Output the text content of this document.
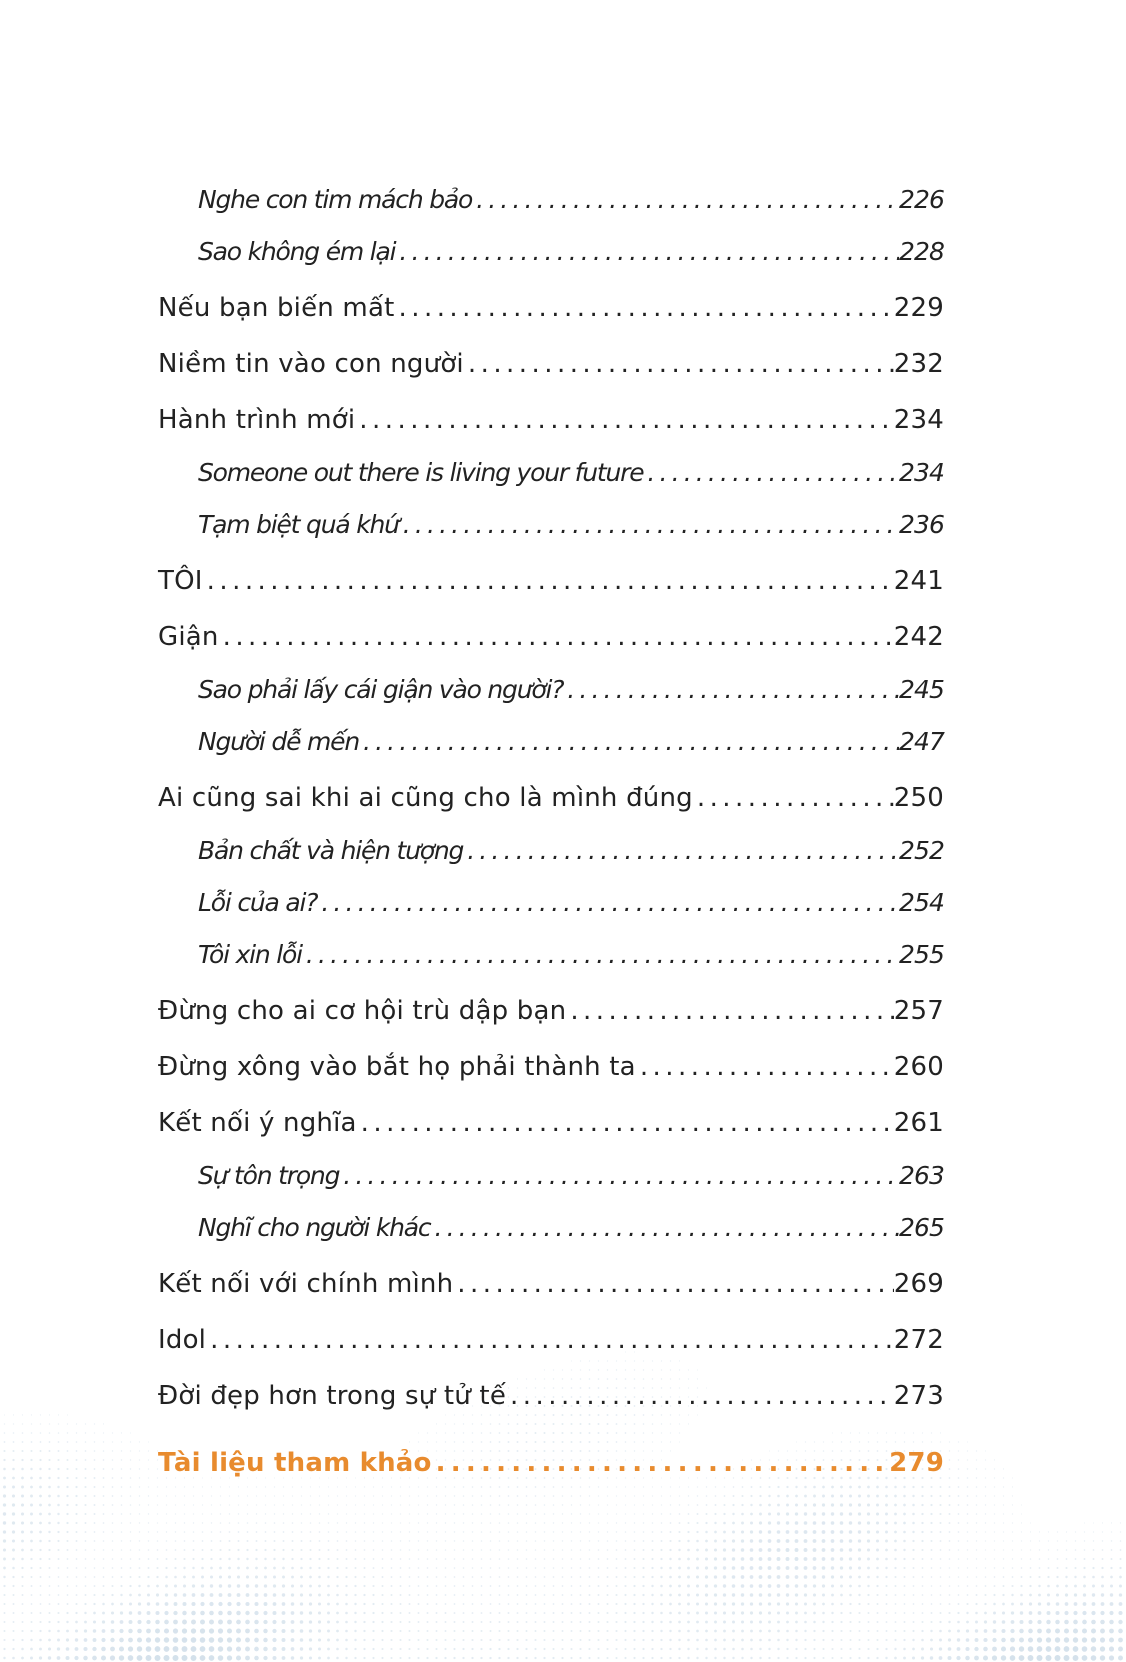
Nghe con tim mách bảo . . .	226
Sao không ém lại . . .	228
Nếu bạn biến mất . . .	229
Niềm tin vào con người . . .	232
Hành trình mới . . .	234
Someone out there is living your future . . .	234
Tạm biệt quá khứ . . .	236
TÔI . . .	241
Giận . . .	242
Sao phải lấy cái giận vào người? . . .	245
Người dễ mến . . .	247
Ai cũng sai khi ai cũng cho là mình đúng . . .	250
Bản chất và hiện tượng . . .	252
Lỗi của ai? . . .	254
Tôi xin lỗi . . .	255
Đừng cho ai cơ hội trù dập bạn . . .	257
Đừng xông vào bắt họ phải thành ta . . .	260
Kết nối ý nghĩa . . .	261
Sự tôn trọng . . .	263
Nghĩ cho người khác . . .	265
Kết nối với chính mình . . .	269
Idol . . .	272
Đời đẹp hơn trong sự tử tế . . .	273
Tài liệu tham khảo . . .	279
